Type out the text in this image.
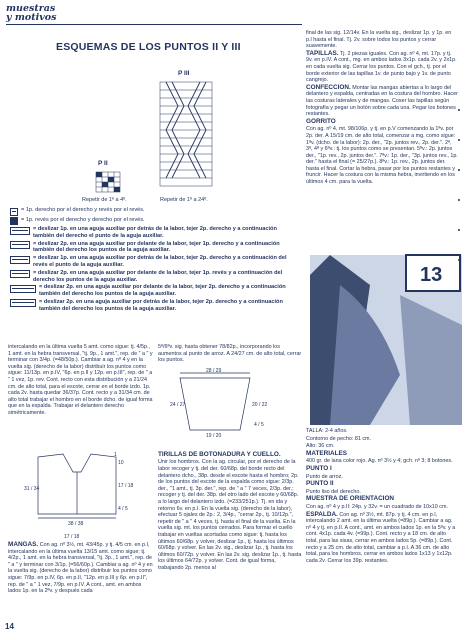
muestras
y motivos
ESQUEMAS DE LOS PUNTOS II Y III
P II
Repetir de 1º a 4º.
P III
Repetir de 1º a 24º.
= 1p. derecho por el derecho y revés por el revés.
= 1p. revés por el derecho y derecho por el revés.
= deslizar 1p. en una aguja auxiliar por detrás de la labor, tejer 2p. derecho y a continuación también del derecho el punto de la aguja auxiliar.
= deslizar 2p. en una aguja auxiliar por delante de la labor, tejer 1p. derecho y a continuación también del derecho los puntos de la aguja auxiliar.
= deslizar 1p. en una aguja auxiliar por detrás de la labor, tejer 2p. derecho y a continuación del revés el punto de la aguja auxiliar.
= deslizar 2p. en una aguja auxiliar por delante de la labor, tejer 1p. revés y a continuación del derecho los puntos de la aguja auxiliar.
= deslizar 2p. en una aguja auxiliar por delante de la labor, tejer 2p. derecho y a continuación también del derecho los puntos de la aguja auxiliar.
= deslizar 2p. en una aguja auxiliar por detrás de la labor, tejer 2p. derecho y a continuación también del derecho los puntos de la aguja auxiliar.

final de las sig. 12/14v. En la vuelta sig., deslizar 1p. y 1p. en p.l hasta el final. Tj. 2v. sobre todos los puntos y cerrar suavemente.

TAPILLAS. Tj. 2 piezas iguales. Con ag. nº 4, mt. 17p. y tj. 9v. en p.IV. A cont., mg. en ambos lados 3x1p. cada 2v. y 2x1p. en cada vuelta sig. Cerrar los puntos. Con el gch., tj. por el borde exterior de las tapillas 1v. de punto bajo y 1v. de punto cangrejo.

CONFECCION. Montar las mangas abiertas a lo largo del delantero y espalda, centradas en la costura del hombro. Hacer las costuras laterales y de mangas. Coser las tapillas según fotografía y pegar un botón sobre cada una. Pegar los botones restantes.

GORRITO

Con ag. nº 4, mt. 98/106p. y tj. en p.V comenzando la 1ªv. por 2p. der. A 15/19 cm. de alto total, comenzar a mg. como sigue: 1ªv. (dcho. de la labor): 2p. der., "2p. juntos rev., 2p. der.". 2ª, 3ª, 4ª y 6ªv.: tj. los puntos como se presentan. 5ªv.: 2p. juntos der., "1p. rev., 2p. juntos der.". 7ªv.: 1p. der., "3p. juntos rev., 1p. der." hasta el final (= 25/27p.). 8ªv.: 1p. rev., 2p. juntos der. hasta el final. Cortar la hebra, pasar por los puntos restantes y fruncir. Hacer la costura con la misma hebra, invirtiendo en los últimos 4 cm. para la vuelta.

13

intercalando en la última vuelta 5 amt. como sigue: tj. 4/5p., 1 amt. en la hebra transversal, "tj. 9p., 1 amt.", rep. de " a " y terminar con 3/4p. (=48/50p.). Cambiar a ag. nº 4 y en la vuelta sig. (derecho de la labor) distribuir los puntos como sigue: 11/13p. en p.IV, "6p. en p.II y 12p. en p.III", rep. de " a " 1 vez, 1p. rev. Cont. recto con esta distribución y a 21/24 cm. de alto total, para el escote, cerrar en el borde izdo. 1p. cada 2v. hasta quedar 36/37p. Cont. recto y a 31/34 cm. de alto total trabajar el hombro en el borde dcho. de igual forma que en la espalda. Trabajar el delantero derecho simétricamente.

38 / 38
31 / 34	17 / 18
4 / 5
10
1
17 / 18
28 / 29
19 / 20
20 / 22
24 / 27
4 / 5

MANGAS. Con ag. nº 3½, mt. 43/45p. y tj. 4/5 cm. en p.I, intercalando en la última vuelta 13/15 amt. como sigue: tj. 4/2p., 1 amt. en la hebra transversal, "tj. 3p., 1 amt.", rep. de " a " y terminar con 3/1p. (=56/60p.). Cambiar a ag. nº 4 y en la vuelta sig. (derecho de la labor) distribuir los puntos como sigue: 7/9p. en p.IV, 6p. en p.II, "12p. en p.III y 6p. en p.II", rep. de " a " 1 vez, 7/9p. en p.IV. A cont., amt. en ambos lados 1p. en la 2ªv. y después cada

5ª/6ªv. sig. hasta obtener 78/82p., incorporando los aumentos al punto de arroz. A 24/27 cm. de alto total, cerrar los puntos.

TIRILLAS DE BOTONADURA Y CUELLO.

Unir los hombros. Con la ag. circular, por el derecho de la labor recoger y tj. del der. 60/68p. del borde recto del delantero dcho., 38p. desde el escote hasta el hombro; 2p. de los puntos del escote de la espalda como sigue: 2/3p. der., "1 amt., tj. 3p. der.", rep. de " a " 7 veces, 2/3p. der.; recoger y tj. del der. 38p. del otro lado del escote y 60/68p. a lo largo del delantero izdo. (=233/251p.). Tj. en ida y retorno 6v. en p.I. En la vuelta sig. (derecho de la labor), efectuar 5 ojales de 2p.: 2, 3/4p., "cerrar 2p., tj. 10/12p.", repetir de " a " 4 veces, tj. hasta el final de la vuelta. En la vuelta sig. mt. los puntos cerrados. Para formar el cuello trabajar en vueltas acortadas como sigue: tj. hasta los últimos 60/68p. y volver, deslizar 1p., tj. hasta los últimos 60/68p. y volver. En las 2v. sig., deslizar 1p., tj. hasta los últimos 60/72p. y volver. En las 2v. sig. deslizar 1p., tj. hasta los últimos 64/72p. y volver. Cont. de igual forma, trabajando 2p. menos al

TALLA: 2-4 años.

Contorno de pecho: 81 cm.

Alto: 36 cm.

MATERIALES

400 gr. de lana color rojo. Ag. nº 3½ y 4; gch. nº 3; 8 botones.

PUNTO I

Punto de arroz.

PUNTO II

Punto liso del derecho.

MUESTRA DE ORIENTACION

Con ag. nº 4 y p.II: 24p. y 32v. = un cuadrado de 10x10 cm.

ESPALDA. Con ag. nº 3½, mt. 87p. y tj. 4 cm. en p.I, intercalando 2 amt. en la última vuelta (=89p.). Cambiar a ag. nº 4 y tj. en p.II. A cont., amt. en ambos lados 1p. en la 5ªv. y a cont. 4x1p. cada 4v. (=99p.). Cont. recto y a 18 cm. de alto total, para las sisas, cerrar en ambos lados 5p. (=89p.). Cont. recto y a 25 cm. de alto total, cambiar a p.I. A 36 cm. de alto total, para los hombros, cerrar en ambos lados 1x13 y 1x12p. cada 2v. Cerrar los 39p. restantes.

14
